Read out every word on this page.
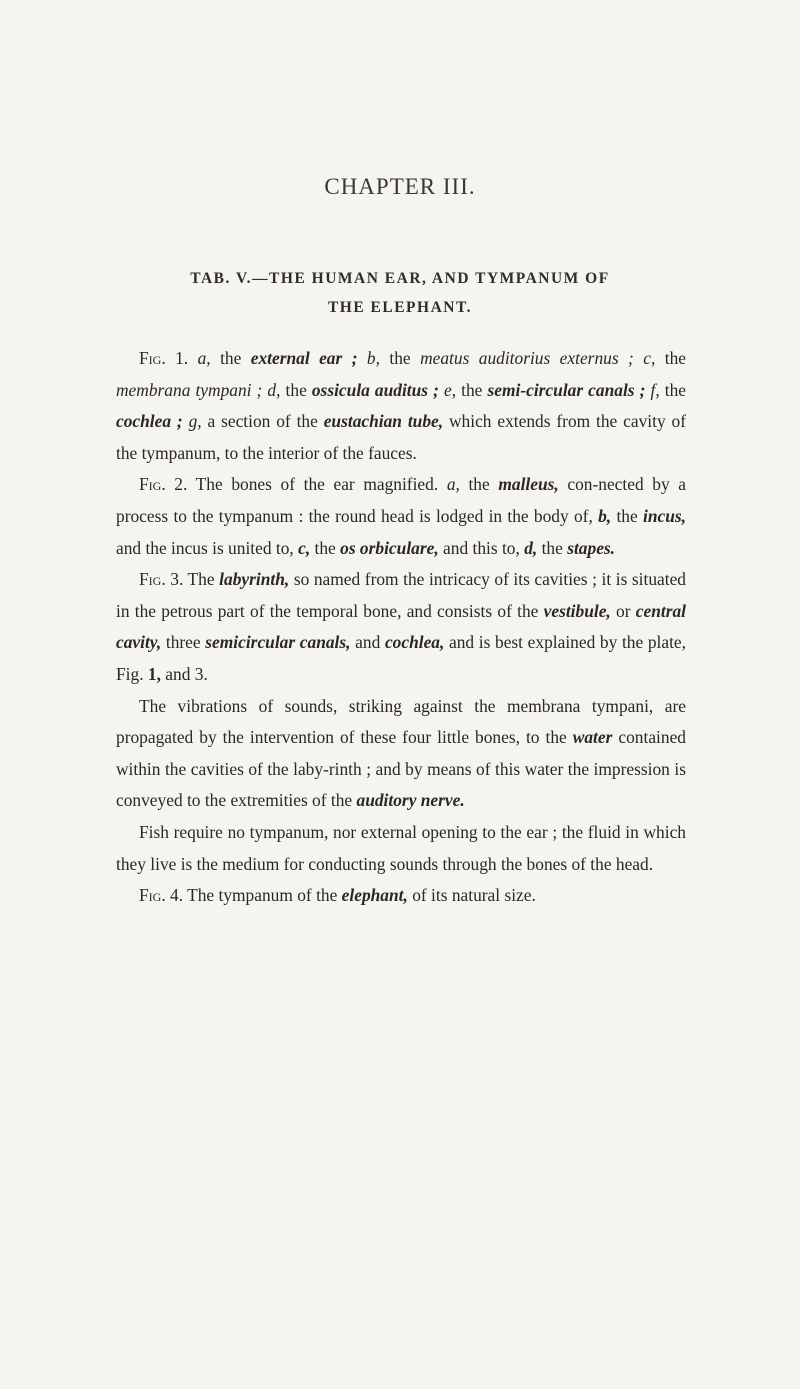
CHAPTER III.
TAB. V.—THE HUMAN EAR, AND TYMPANUM OF
THE ELEPHANT.

Fig. 1. a, the external ear ; b, the meatus auditorius externus ; c, the membrana tympani ; d, the ossicula auditus ; e, the semi-circular canals ; f, the cochlea ; g, a section of the eustachian tube, which extends from the cavity of the tympanum, to the interior of the fauces.

Fig. 2. The bones of the ear magnified. a, the malleus, con-nected by a process to the tympanum : the round head is lodged in the body of, b, the incus, and the incus is united to, c, the os orbiculare, and this to, d, the stapes.

Fig. 3. The labyrinth, so named from the intricacy of its cavities ; it is situated in the petrous part of the temporal bone, and consists of the vestibule, or central cavity, three semicircular canals, and cochlea, and is best explained by the plate, Fig. 1, and 3.

The vibrations of sounds, striking against the membrana tympani, are propagated by the intervention of these four little bones, to the water contained within the cavities of the laby-rinth ; and by means of this water the impression is conveyed to the extremities of the auditory nerve.

Fish require no tympanum, nor external opening to the ear ; the fluid in which they live is the medium for conducting sounds through the bones of the head.

Fig. 4. The tympanum of the elephant, of its natural size.
